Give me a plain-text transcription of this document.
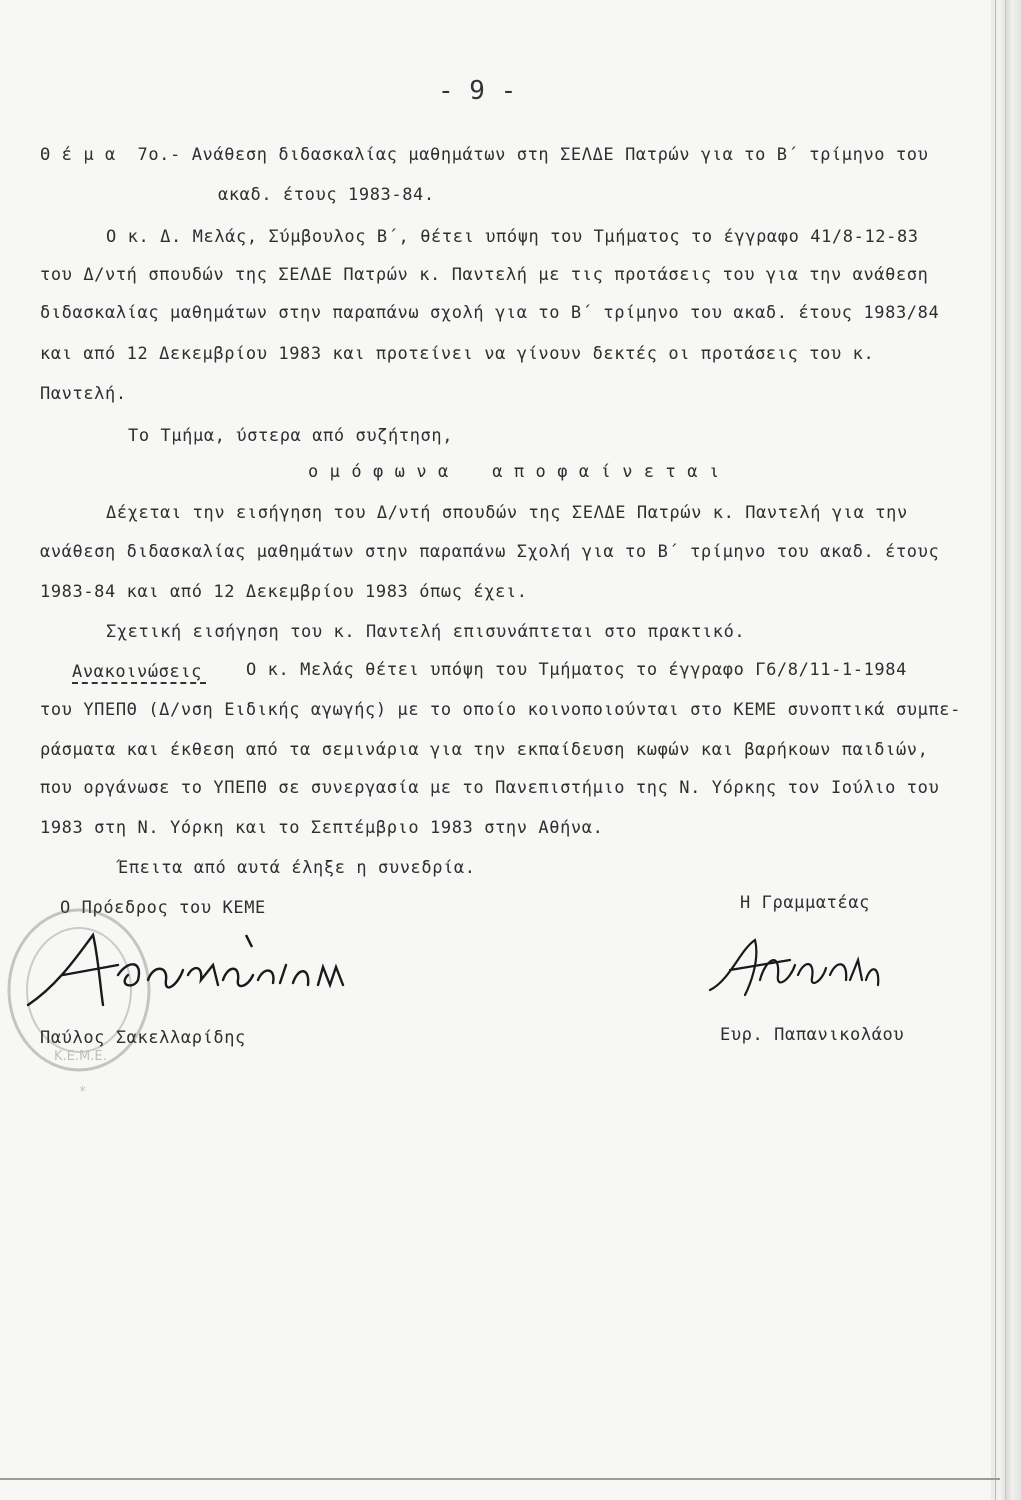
- 9 -
Θ έ μ α  7ο.- Ανάθεση διδασκαλίας μαθημάτων στη ΣΕΛΔΕ Πατρών για το Β΄ τρίμηνο του
ακαδ. έτους 1983-84.
Ο κ. Δ. Μελάς, Σύμβουλος Β΄, θέτει υπόψη του Τμήματος το έγγραφο 41/8-12-83
του Δ/ντή σπουδών της ΣΕΛΔΕ Πατρών κ. Παντελή με τις προτάσεις του για την ανάθεση
διδασκαλίας μαθημάτων στην παραπάνω σχολή για το Β΄ τρίμηνο του ακαδ. έτους 1983/84
και από 12 Δεκεμβρίου 1983 και προτείνει να γίνουν δεκτές οι προτάσεις του κ.
Παντελή.
Το Τμήμα, ύστερα από συζήτηση,
ο μ ό φ ω ν α    α π ο φ α ί ν ε τ α ι
Δέχεται την εισήγηση του Δ/ντή σπουδών της ΣΕΛΔΕ Πατρών κ. Παντελή για την
ανάθεση διδασκαλίας μαθημάτων στην παραπάνω Σχολή για το Β΄ τρίμηνο του ακαδ. έτους
1983-84 και από 12 Δεκεμβρίου 1983 όπως έχει.
Σχετική εισήγηση του κ. Παντελή επισυνάπτεται στο πρακτικό.
Ανακοινώσεις	Ο κ. Μελάς θέτει υπόψη του Τμήματος το έγγραφο Γ6/8/11-1-1984
του ΥΠΕΠΘ (Δ/νση Ειδικής αγωγής) με το οποίο κοινοποιούνται στο ΚΕΜΕ συνοπτικά συμπε-
ράσματα και έκθεση από τα σεμινάρια για την εκπαίδευση κωφών και βαρήκοων παιδιών,
που οργάνωσε το ΥΠΕΠΘ σε συνεργασία με το Πανεπιστήμιο της Ν. Υόρκης τον Ιούλιο του
1983 στη Ν. Υόρκη και το Σεπτέμβριο 1983 στην Αθήνα.
Έπειτα από αυτά έληξε η συνεδρία.
Ο Πρόεδρος του ΚΕΜΕ	Η Γραμματέας
Κ.Ε.Μ.Ε.
*
Παύλος Σακελλαρίδης	Ευρ. Παπανικολάου
